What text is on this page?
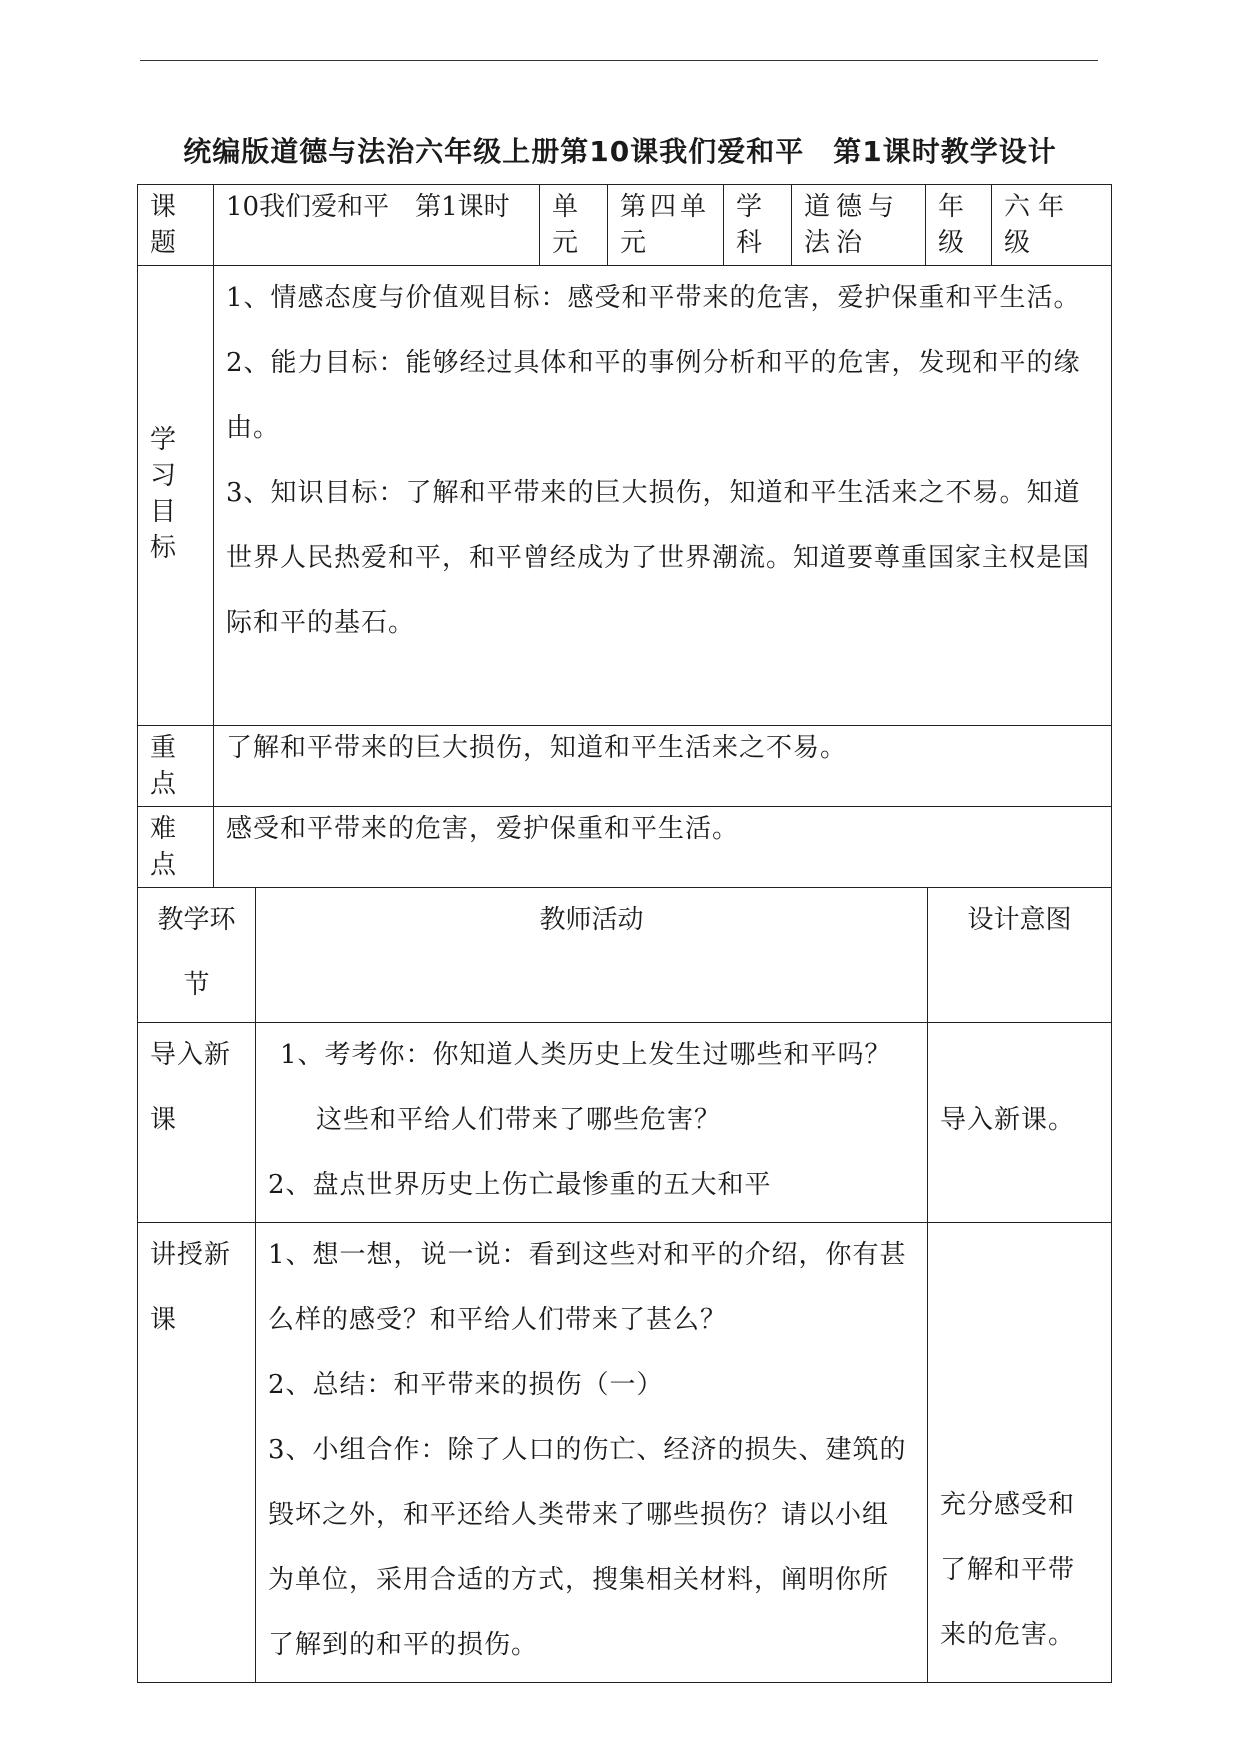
统编版道德与法治六年级上册第10课我们爱和平　第1课时教学设计
课题	10我们爱和平　第1课时	单元	第四单元	学科	道德与法治	年级	六年级

学习目标	1、情感态度与价值观目标：感受和平带来的危害，爱护保重和平生活。

2、能力目标：能够经过具体和平的事例分析和平的危害，发现和平的缘由。

3、知识目标：了解和平带来的巨大损伤，知道和平生活来之不易。知道世界人民热爱和平，和平曾经成为了世界潮流。知道要尊重国家主权是国际和平的基石。						

重点	了解和平带来的巨大损伤，知道和平生活来之不易。						
难点	感受和平带来的危害，爱护保重和平生活。						
教学环节	教师活动	设计意图

导入新课	1、考考你：你知道人类历史上发生过哪些和平吗？这些和平给人们带来了哪些危害？

2、盘点世界历史上伤亡最惨重的五大和平	导入新课。

讲授新课	1、想一想，说一说：看到这些对和平的介绍，你有甚么样的感受？和平给人们带来了甚么？

2、总结：和平带来的损伤（一）

3、小组合作：除了人口的伤亡、经济的损失、建筑的毁坏之外，和平还给人类带来了哪些损伤？请以小组为单位，采用合适的方式，搜集相关材料，阐明你所了解到的和平的损伤。	充分感受和了解和平带来的危害。
